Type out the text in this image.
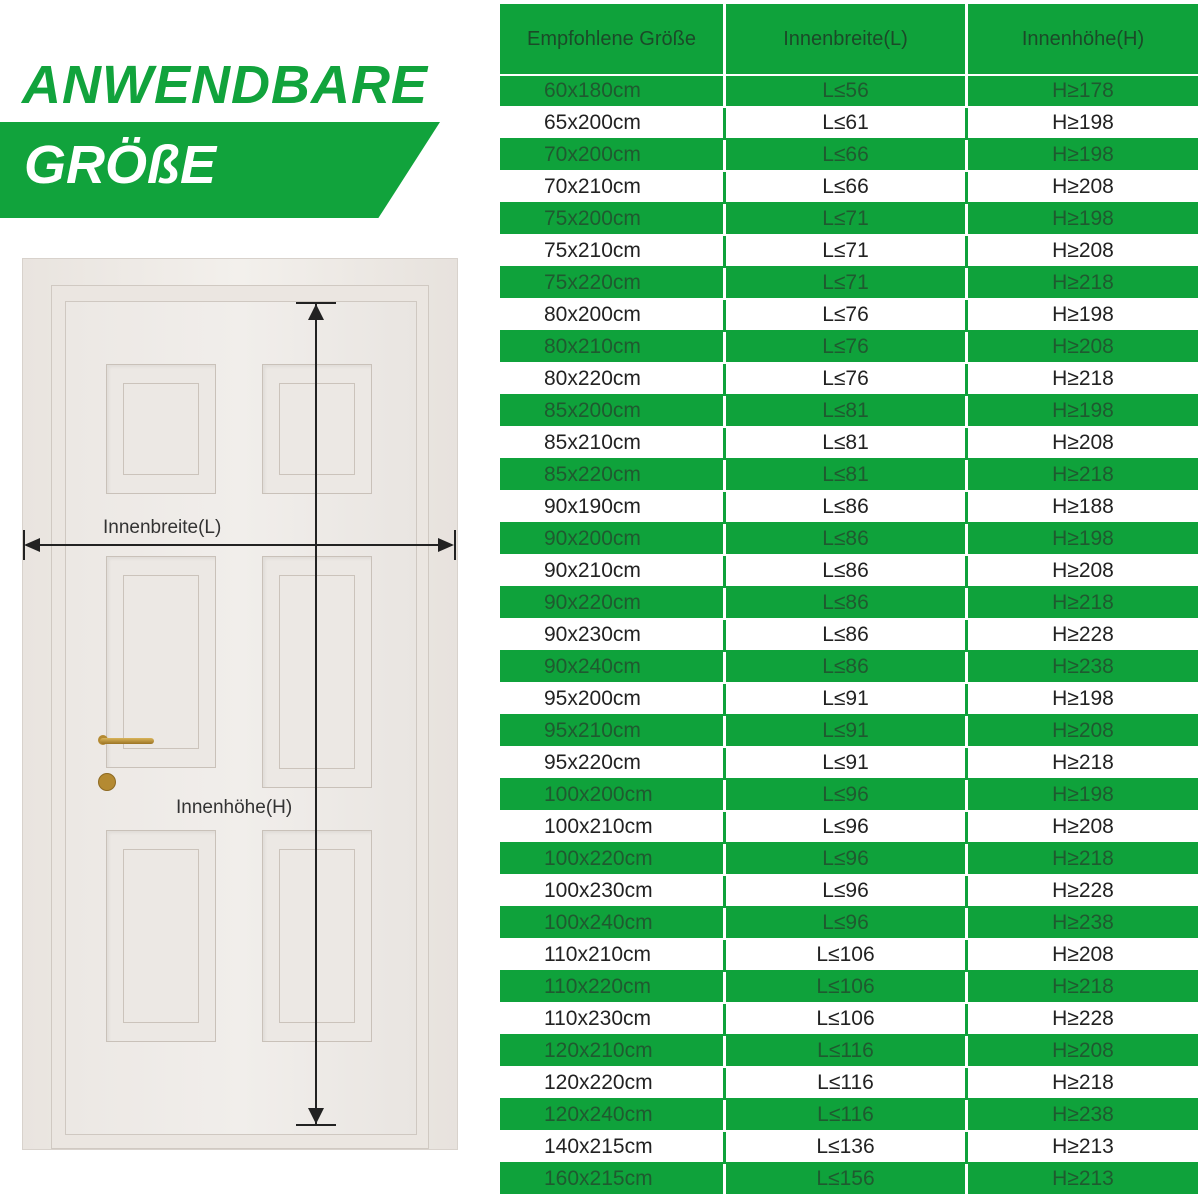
ANWENDBARE
GRÖßE
Innenbreite(L)
Innenhöhe(H)
Empfohlene Größe	Innenbreite(L)	Innenhöhe(H)
60x180cm	L≤56	H≥178
65x200cm	L≤61	H≥198
70x200cm	L≤66	H≥198
70x210cm	L≤66	H≥208
75x200cm	L≤71	H≥198
75x210cm	L≤71	H≥208
75x220cm	L≤71	H≥218
80x200cm	L≤76	H≥198
80x210cm	L≤76	H≥208
80x220cm	L≤76	H≥218
85x200cm	L≤81	H≥198
85x210cm	L≤81	H≥208
85x220cm	L≤81	H≥218
90x190cm	L≤86	H≥188
90x200cm	L≤86	H≥198
90x210cm	L≤86	H≥208
90x220cm	L≤86	H≥218
90x230cm	L≤86	H≥228
90x240cm	L≤86	H≥238
95x200cm	L≤91	H≥198
95x210cm	L≤91	H≥208
95x220cm	L≤91	H≥218
100x200cm	L≤96	H≥198
100x210cm	L≤96	H≥208
100x220cm	L≤96	H≥218
100x230cm	L≤96	H≥228
100x240cm	L≤96	H≥238
110x210cm	L≤106	H≥208
110x220cm	L≤106	H≥218
110x230cm	L≤106	H≥228
120x210cm	L≤116	H≥208
120x220cm	L≤116	H≥218
120x240cm	L≤116	H≥238
140x215cm	L≤136	H≥213
160x215cm	L≤156	H≥213
